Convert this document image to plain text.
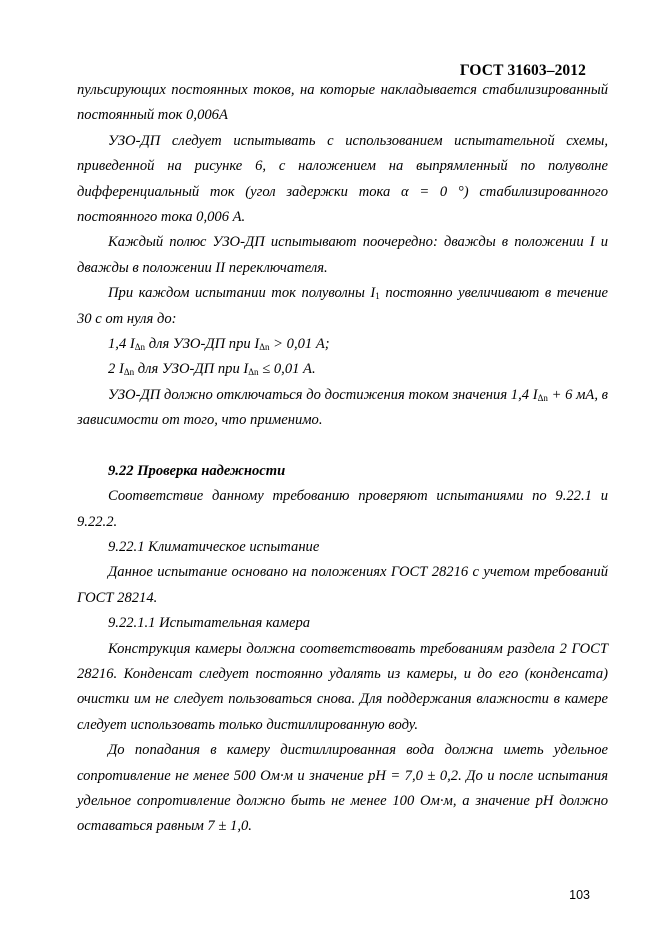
ГОСТ 31603–2012

пульсирующих постоянных токов, на которые накладывается стабилизированный постоянный ток 0,006А

УЗО-ДП следует испытывать с использованием испытательной схемы, приведенной на рисунке 6, с наложением на выпрямленный по полуволне дифференциальный ток (угол задержки тока α = 0 °) стабилизированного постоянного тока 0,006 А.

Каждый полюс УЗО-ДП испытывают поочередно: дважды в положении I и дважды в положении II переключателя.

При каждом испытании ток полуволны $I_1$ постоянно увеличивают в течение 30 с от нуля до:

1,4 $I_{\Delta n}$ для УЗО-ДП при $I_{\Delta n} > 0,01$ А;

2 $I_{\Delta n}$ для УЗО-ДП при $I_{\Delta n} \le 0,01$ А.

УЗО-ДП должно отключаться до достижения током значения 1,4 $I_{\Delta n} + 6$ мА, в зависимости от того, что применимо.

9.22 Проверка надежности

Соответствие данному требованию проверяют испытаниями по 9.22.1 и 9.22.2.

9.22.1 Климатическое испытание

Данное испытание основано на положениях ГОСТ 28216 с учетом требований ГОСТ 28214.

9.22.1.1 Испытательная камера

Конструкция камеры должна соответствовать требованиям раздела 2 ГОСТ 28216. Конденсат следует постоянно удалять из камеры, и до его (конденсата) очистки им не следует пользоваться снова. Для поддержания влажности в камере следует использовать только дистиллированную воду.

До попадания в камеру дистиллированная вода должна иметь удельное сопротивление не менее 500 Ом·м и значение pH = 7,0 ± 0,2. До и после испытания удельное сопротивление должно быть не менее 100 Ом·м, а значение pH должно оставаться равным 7 ± 1,0.

103
